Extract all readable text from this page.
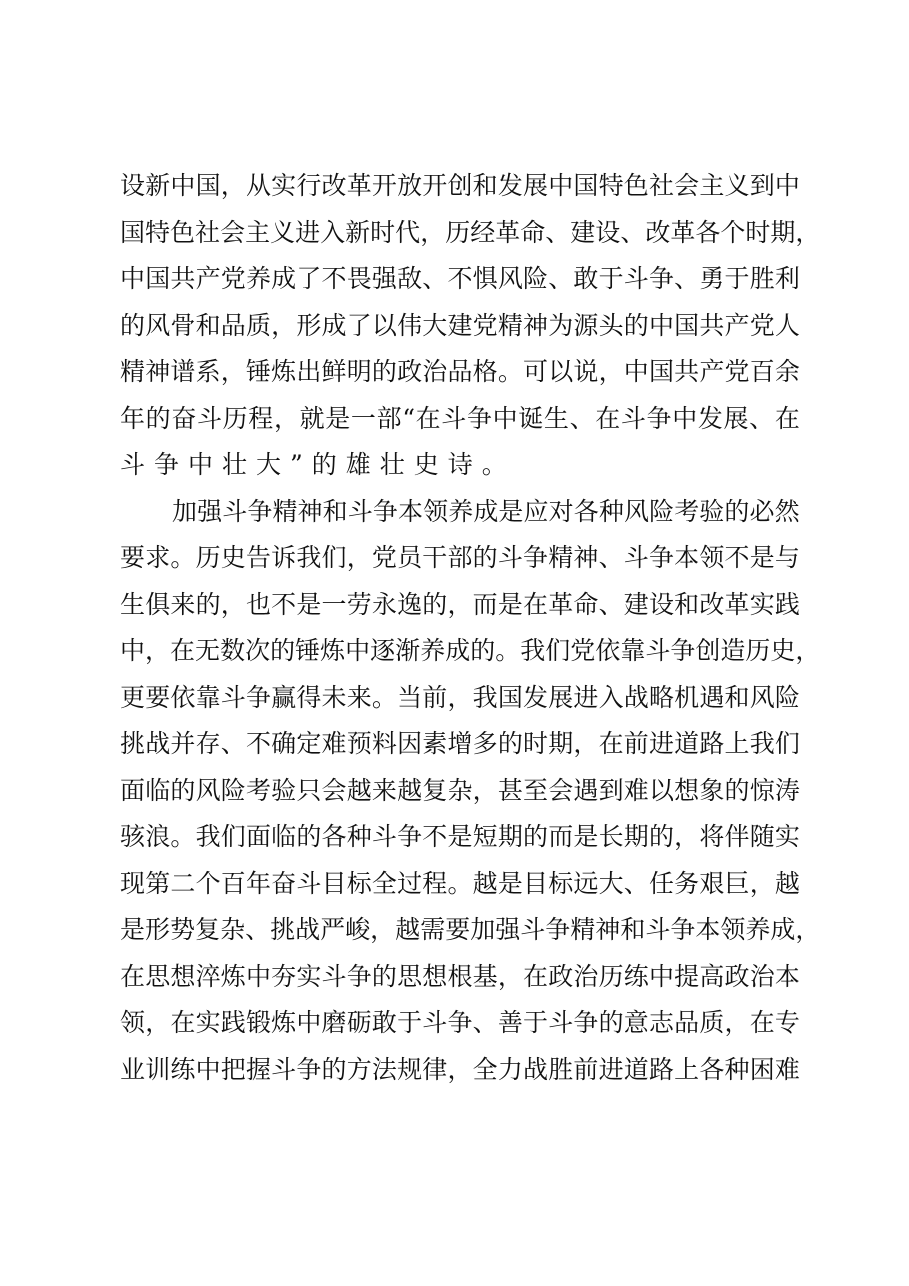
设 新 中 国 ， 从 实 行 改 革 开 放 开 创 和 发 展 中 国 特 色 社 会 主 义 到 中
国 特 色 社 会 主 义 进 入 新 时 代 ， 历 经 革 命 、 建 设 、 改 革 各 个 时 期 ，
中 国 共 产 党 养 成 了 不 畏 强 敌 、 不 惧 风 险 、 敢 于 斗 争 、 勇 于 胜 利
的 风 骨 和 品 质 ， 形 成 了 以 伟 大 建 党 精 神 为 源 头 的 中 国 共 产 党 人
精 神 谱 系 ， 锤 炼 出 鲜 明 的 政 治 品 格 。 可 以 说 ， 中 国 共 产 党 百 余
年 的 奋 斗 历 程 ， 就 是 一 部 “ 在 斗 争 中 诞 生 、 在 斗 争 中 发 展 、 在
斗争中壮大”的雄壮史诗。
加 强 斗 争 精 神 和 斗 争 本 领 养 成 是 应 对 各 种 风 险 考 验 的 必 然
要 求 。 历 史 告 诉 我 们 ， 党 员 干 部 的 斗 争 精 神 、 斗 争 本 领 不 是 与
生 俱 来 的 ， 也 不 是 一 劳 永 逸 的 ， 而 是 在 革 命 、 建 设 和 改 革 实 践
中 ， 在 无 数 次 的 锤 炼 中 逐 渐 养 成 的 。 我 们 党 依 靠 斗 争 创 造 历 史 ，
更 要 依 靠 斗 争 赢 得 未 来 。 当 前 ， 我 国 发 展 进 入 战 略 机 遇 和 风 险
挑 战 并 存 、 不 确 定 难 预 料 因 素 增 多 的 时 期 ， 在 前 进 道 路 上 我 们
面 临 的 风 险 考 验 只 会 越 来 越 复 杂 ， 甚 至 会 遇 到 难 以 想 象 的 惊 涛
骇 浪 。 我 们 面 临 的 各 种 斗 争 不 是 短 期 的 而 是 长 期 的 ， 将 伴 随 实
现 第 二 个 百 年 奋 斗 目 标 全 过 程 。 越 是 目 标 远 大 、 任 务 艰 巨 ， 越
是 形 势 复 杂 、 挑 战 严 峻 ， 越 需 要 加 强 斗 争 精 神 和 斗 争 本 领 养 成 ，
在 思 想 淬 炼 中 夯 实 斗 争 的 思 想 根 基 ， 在 政 治 历 练 中 提 高 政 治 本
领 ， 在 实 践 锻 炼 中 磨 砺 敢 于 斗 争 、 善 于 斗 争 的 意 志 品 质 ， 在 专
业 训 练 中 把 握 斗 争 的 方 法 规 律 ， 全 力 战 胜 前 进 道 路 上 各 种 困 难
